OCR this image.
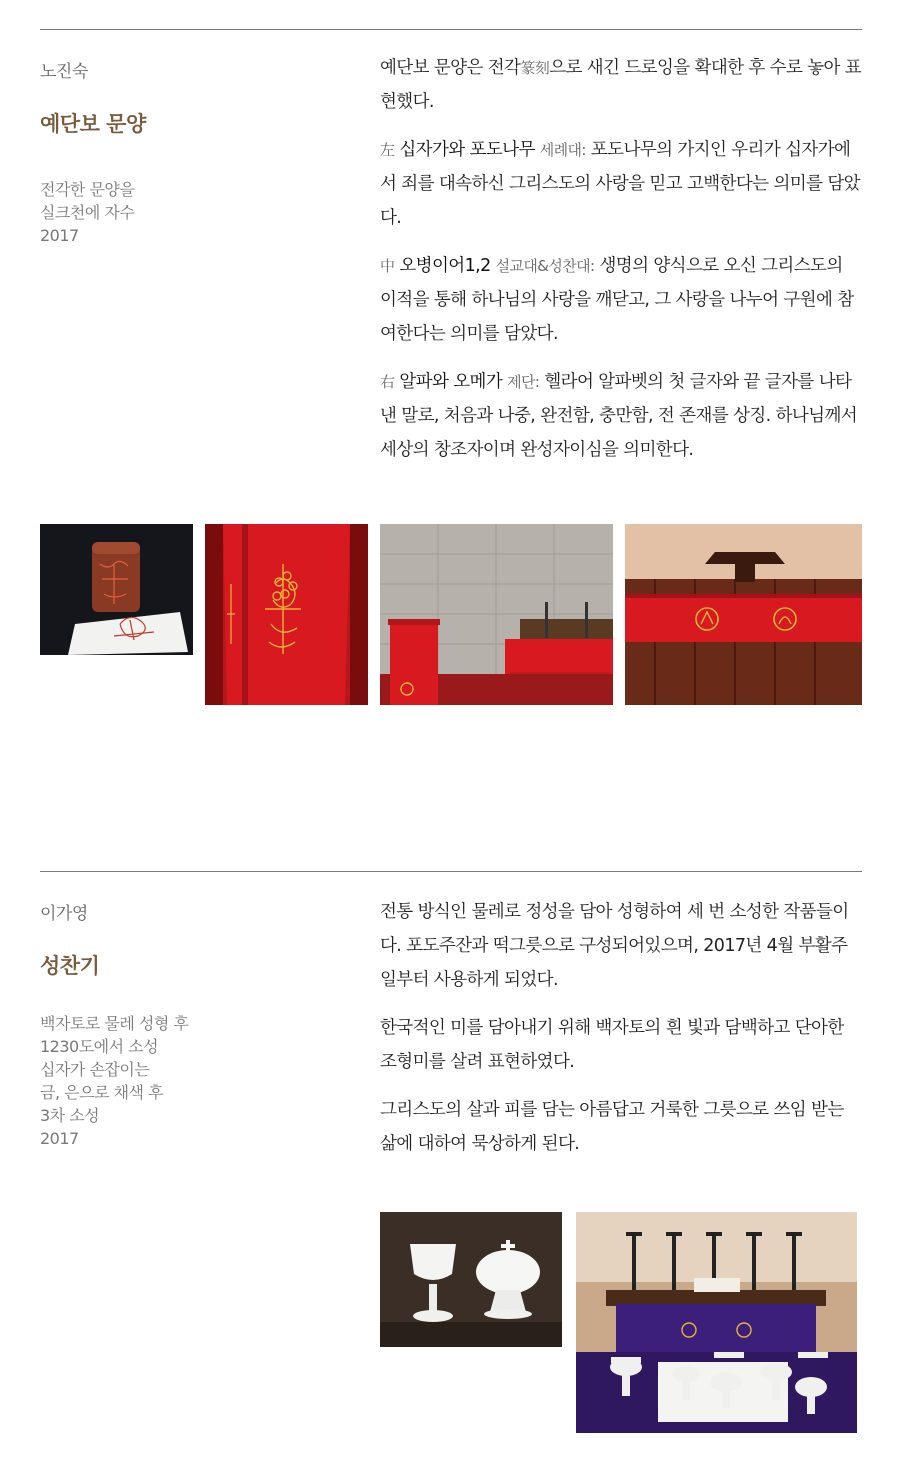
노진숙
예단보 문양
전각한 문양을
실크천에 자수
2017

예단보 문양은 전각篆刻으로 새긴 드로잉을 확대한 후 수로 놓아 표현했다.

左 십자가와 포도나무 세례대: 포도나무의 가지인 우리가 십자가에서 죄를 대속하신 그리스도의 사랑을 믿고 고백한다는 의미를 담았다.

中 오병이어1,2 설교대&성찬대: 생명의 양식으로 오신 그리스도의 이적을 통해 하나님의 사랑을 깨닫고, 그 사랑을 나누어 구원에 참여한다는 의미를 담았다.

右 알파와 오메가 제단: 헬라어 알파벳의 첫 글자와 끝 글자를 나타낸 말로, 처음과 나중, 완전함, 충만함, 전 존재를 상징. 하나님께서 세상의 창조자이며 완성자이심을 의미한다.

이가영
성찬기
백자토로 물레 성형 후
1230도에서 소성
십자가 손잡이는
금, 은으로 채색 후
3차 소성
2017

전통 방식인 물레로 정성을 담아 성형하여 세 번 소성한 작품들이다. 포도주잔과 떡그릇으로 구성되어있으며, 2017년 4월 부활주일부터 사용하게 되었다.

한국적인 미를 담아내기 위해 백자토의 흰 빛과 담백하고 단아한 조형미를 살려 표현하였다.

그리스도의 살과 피를 담는 아름답고 거룩한 그릇으로 쓰임 받는 삶에 대하여 묵상하게 된다.
